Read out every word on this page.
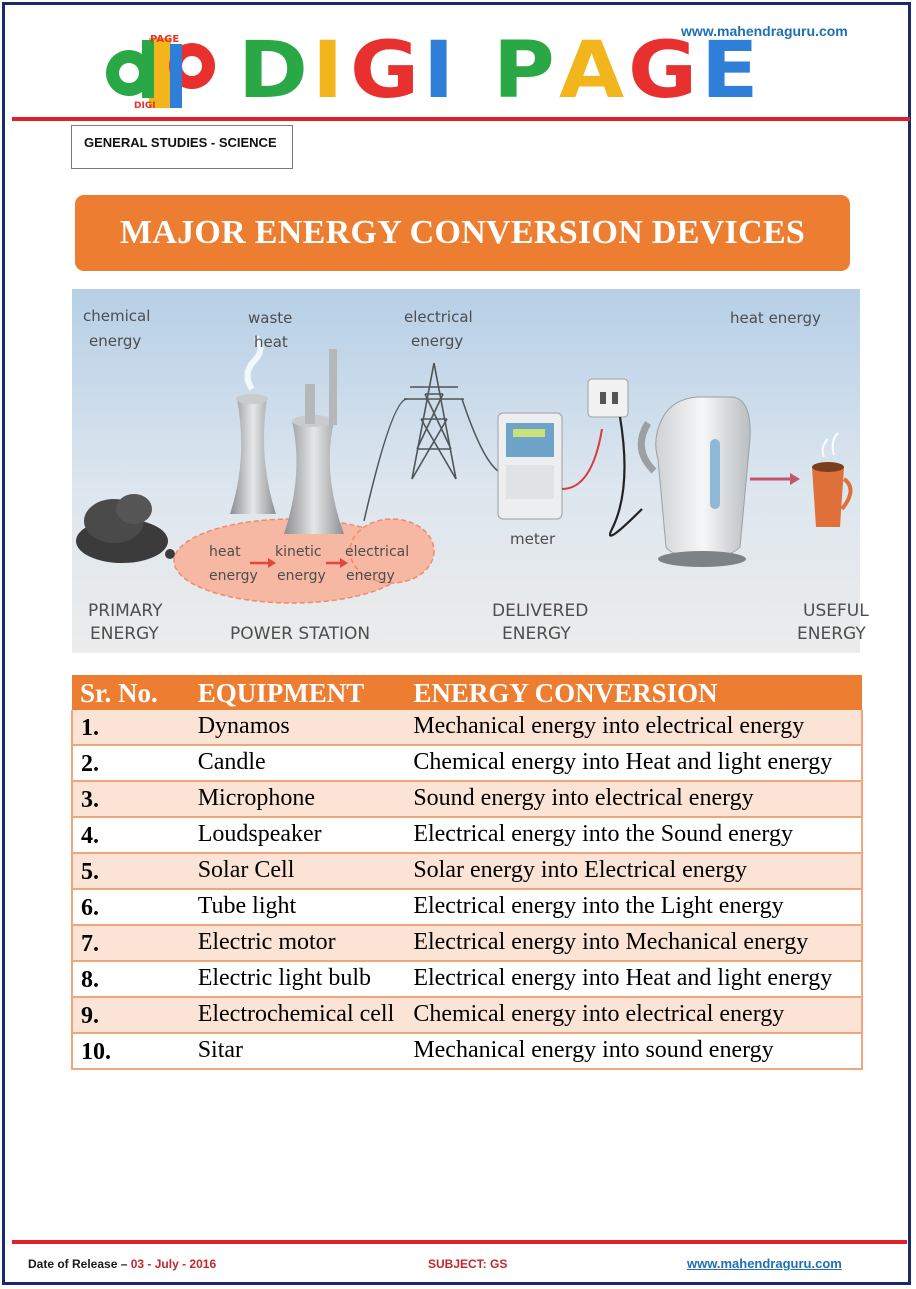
www.mahendraguru.com
PAGE
DIGI D I G I P A G E
GENERAL STUDIES - SCIENCE
MAJOR ENERGY CONVERSION DEVICES
chemical
energy
waste
heat
electrical
energy
heat energy
heat
energy
kinetic
energy
electrical
energy
meter
PRIMARY
ENERGY	POWER STATION
DELIVERED
ENERGY
USEFUL
ENERGY
Sr. No.	EQUIPMENT	ENERGY CONVERSION
1.	Dynamos	Mechanical energy into electrical energy
2.	Candle	Chemical energy into Heat and light energy
3.	Microphone	Sound energy into electrical energy
4.	Loudspeaker	Electrical energy into the Sound energy
5.	Solar Cell	Solar energy into Electrical energy
6.	Tube light	Electrical energy into the Light energy
7.	Electric motor	Electrical energy into Mechanical energy
8.	Electric light bulb	Electrical energy into Heat and light energy
9.	Electrochemical cell	Chemical energy into electrical energy
10.	Sitar	Mechanical energy into sound energy
Date of Release – 03 - July - 2016	SUBJECT: GS	www.mahendraguru.com
